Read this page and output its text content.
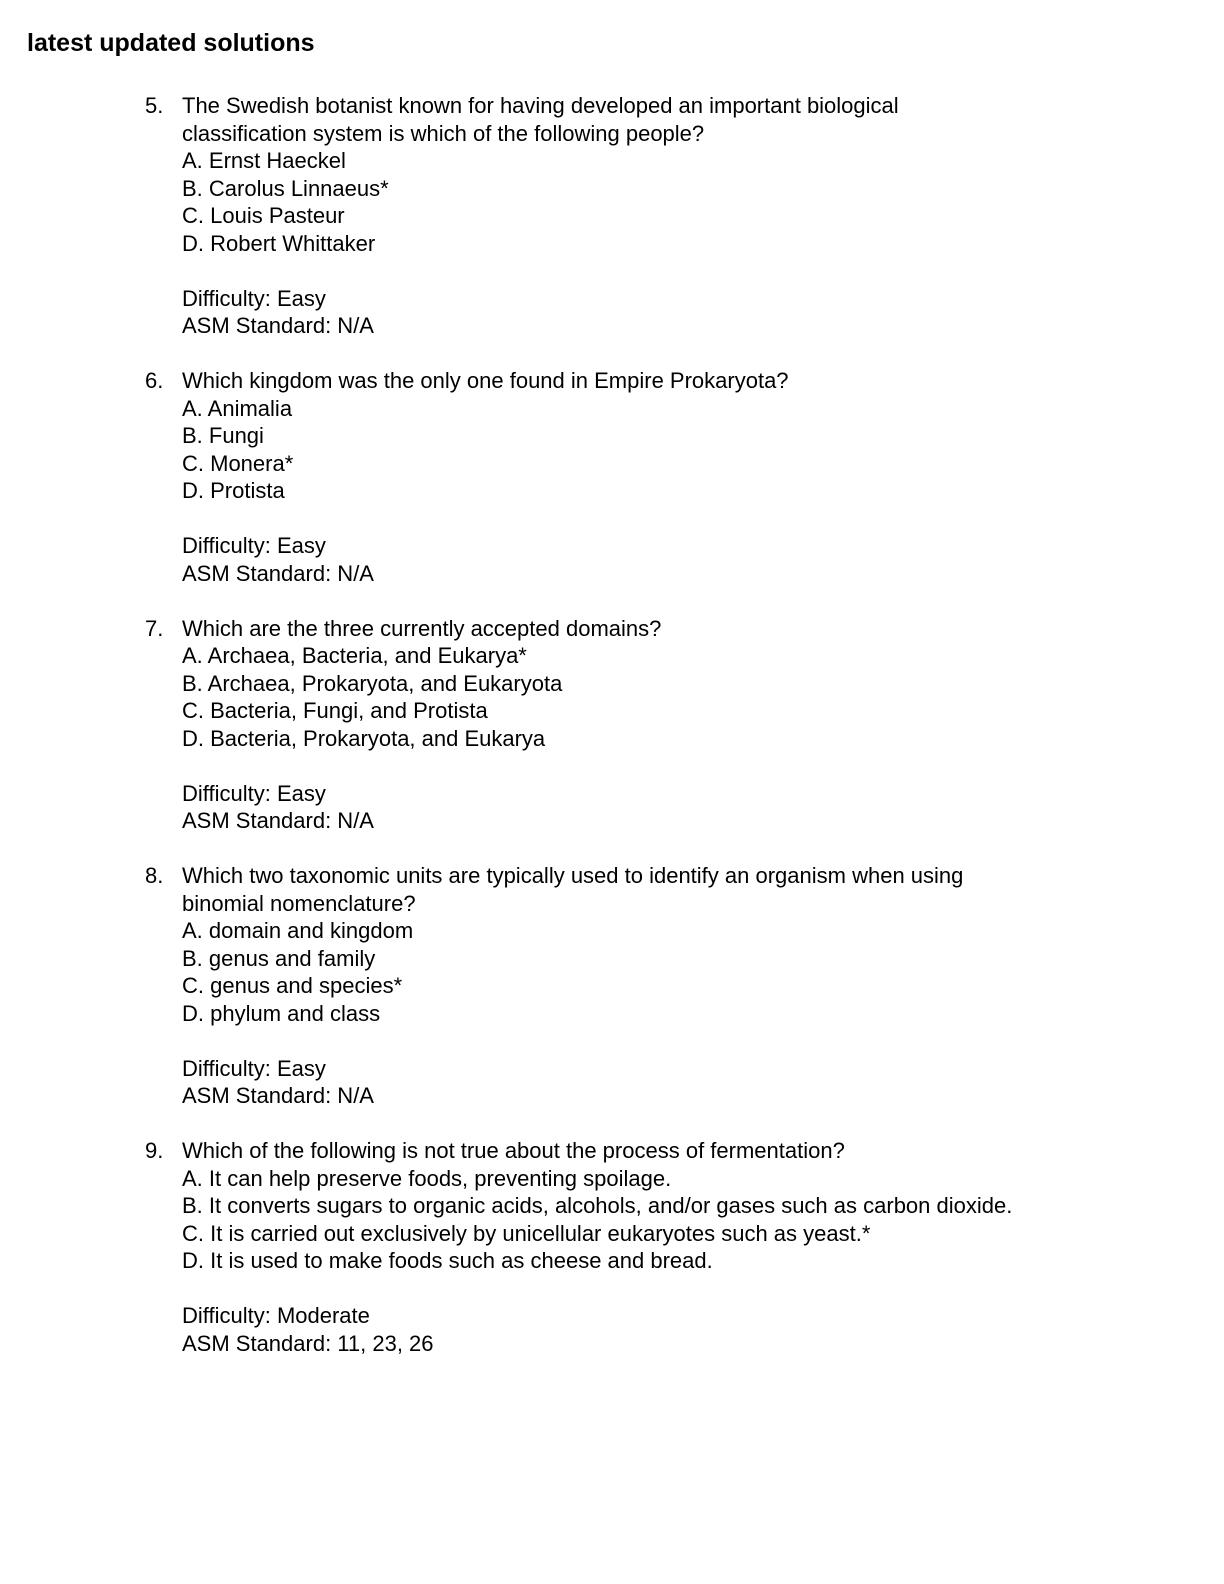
latest updated solutions
5. The Swedish botanist known for having developed an important biological
classification system is which of the following people?
A. Ernst Haeckel
B. Carolus Linnaeus*
C. Louis Pasteur
D. Robert Whittaker
Difficulty: Easy
ASM Standard: N/A
6. Which kingdom was the only one found in Empire Prokaryota?
A. Animalia
B. Fungi
C. Monera*
D. Protista
Difficulty: Easy
ASM Standard: N/A
7. Which are the three currently accepted domains?
A. Archaea, Bacteria, and Eukarya*
B. Archaea, Prokaryota, and Eukaryota
C. Bacteria, Fungi, and Protista
D. Bacteria, Prokaryota, and Eukarya
Difficulty: Easy
ASM Standard: N/A
8. Which two taxonomic units are typically used to identify an organism when using
binomial nomenclature?
A. domain and kingdom
B. genus and family
C. genus and species*
D. phylum and class
Difficulty: Easy
ASM Standard: N/A
9. Which of the following is not true about the process of fermentation?
A. It can help preserve foods, preventing spoilage.
B. It converts sugars to organic acids, alcohols, and/or gases such as carbon dioxide.
C. It is carried out exclusively by unicellular eukaryotes such as yeast.*
D. It is used to make foods such as cheese and bread.
Difficulty: Moderate
ASM Standard: 11, 23, 26
